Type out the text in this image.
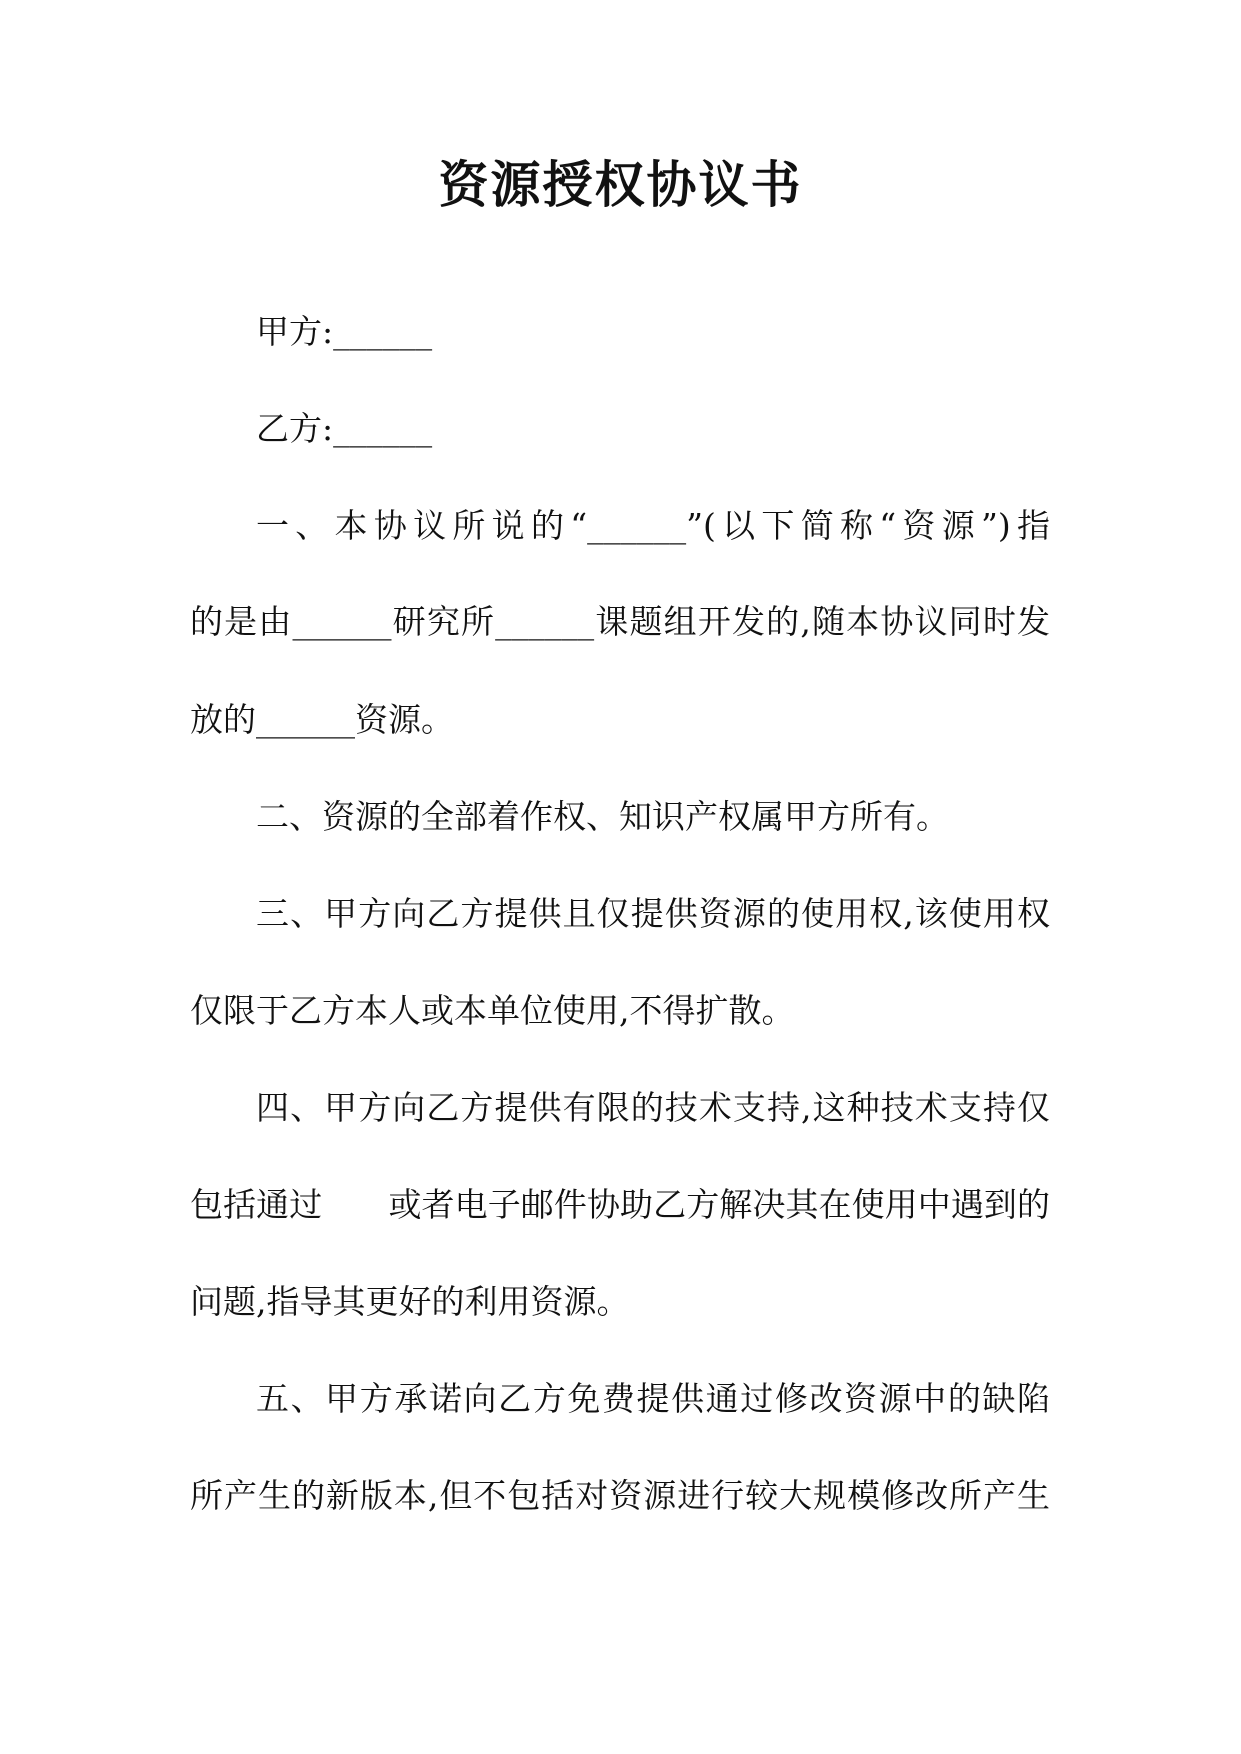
资源授权协议书
甲方:______
乙方:______
一、本协议所说的“______”(以下简称“资源”)指
的是由______研究所______课题组开发的,随本协议同时发
放的______资源。
二、资源的全部着作权、知识产权属甲方所有。
三、甲方向乙方提供且仅提供资源的使用权,该使用权
仅限于乙方本人或本单位使用,不得扩散。
四、甲方向乙方提供有限的技术支持,这种技术支持仅
包括通过　　或者电子邮件协助乙方解决其在使用中遇到的
问题,指导其更好的利用资源。
五、甲方承诺向乙方免费提供通过修改资源中的缺陷
所产生的新版本,但不包括对资源进行较大规模修改所产生
